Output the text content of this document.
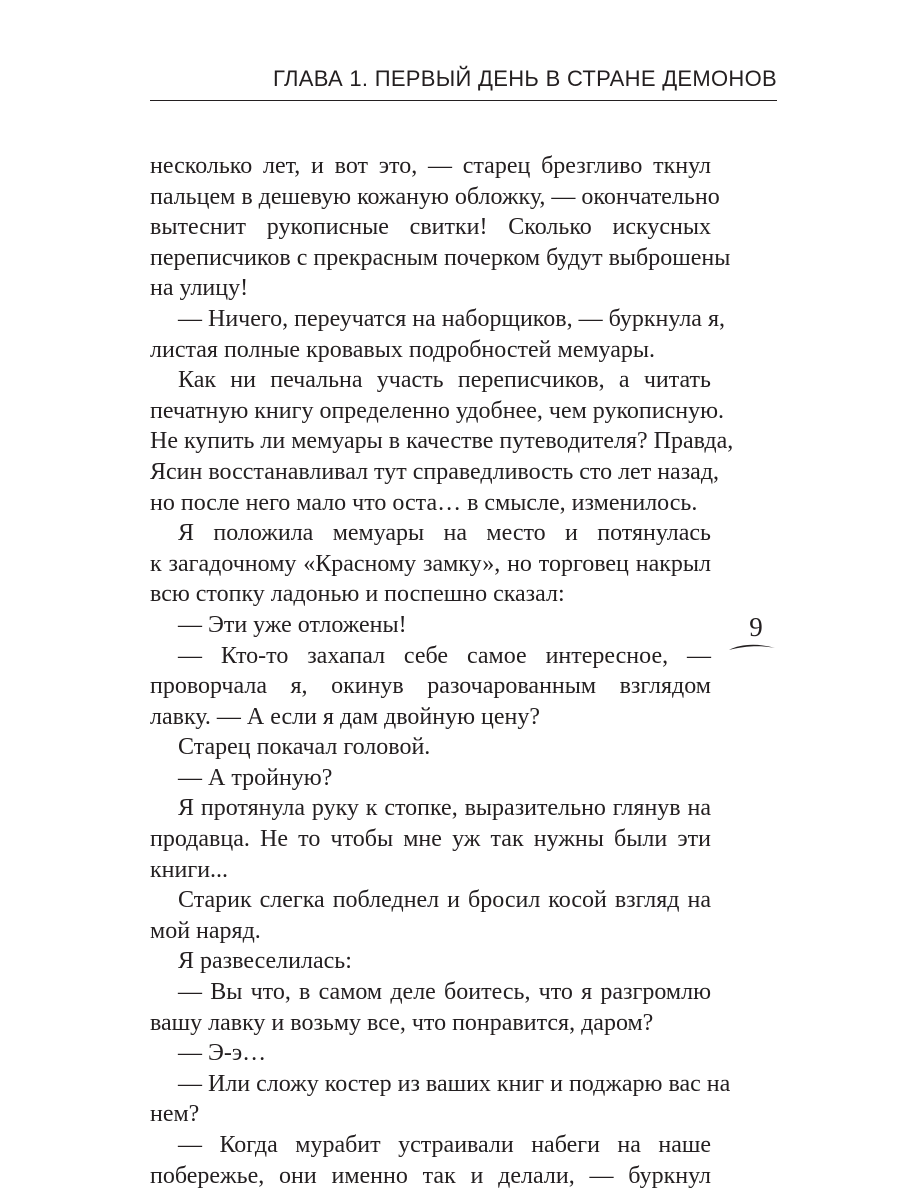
ГЛАВА 1. ПЕРВЫЙ ДЕНЬ В СТРАНЕ ДЕМОНОВ
несколько лет, и вот это, — старец брезгливо ткнул
пальцем в дешевую кожаную обложку, — окончательно
вытеснит рукописные свитки! Сколько искусных
переписчиков с прекрасным почерком будут выброшены
на улицу!
— Ничего, переучатся на наборщиков, — буркнула я,
листая полные кровавых подробностей мемуары.
Как ни печальна участь переписчиков, а читать
печатную книгу определенно удобнее, чем рукописную.
Не купить ли мемуары в качестве путеводителя? Правда,
Ясин восстанавливал тут справедливость сто лет назад,
но после него мало что оста… в смысле, изменилось.
Я положила мемуары на место и потянулась
к загадочному «Красному замку», но торговец накрыл
всю стопку ладонью и поспешно сказал:
— Эти уже отложены!
— Кто-то захапал себе самое интересное, —
проворчала я, окинув разочарованным взглядом
лавку. — А если я дам двойную цену?
Старец покачал головой.
— А тройную?
Я протянула руку к стопке, выразительно глянув на
продавца. Не то чтобы мне уж так нужны были эти
книги...
Старик слегка побледнел и бросил косой взгляд на
мой наряд.
Я развеселилась:
— Вы что, в самом деле боитесь, что я разгромлю
вашу лавку и возьму все, что понравится, даром?
— Э-э…
— Или сложу костер из ваших книг и поджарю вас на
нем?
— Когда мурабит устраивали набеги на наше
побережье, они именно так и делали, — буркнул
9
